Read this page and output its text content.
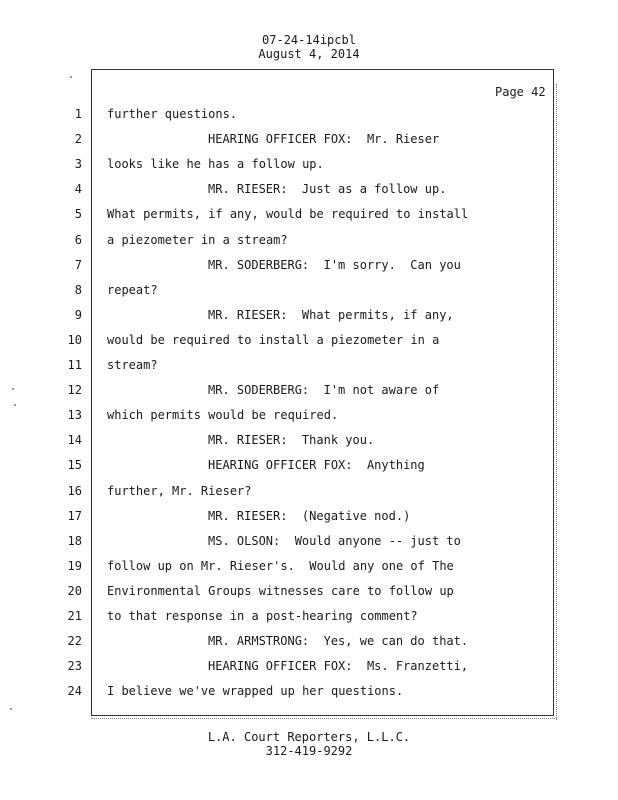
07-24-14ipcbl
August 4, 2014
Page 42
1 further questions.
2	HEARING OFFICER FOX:  Mr. Rieser
3 looks like he has a follow up.
4	MR. RIESER:  Just as a follow up.
5 What permits, if any, would be required to install
6 a piezometer in a stream?
7	MR. SODERBERG:  I'm sorry.  Can you
8 repeat?
9	MR. RIESER:  What permits, if any,
10 would be required to install a piezometer in a
11 stream?
12	MR. SODERBERG:  I'm not aware of
13 which permits would be required.
14	MR. RIESER:  Thank you.
15	HEARING OFFICER FOX:  Anything
16 further, Mr. Rieser?
17	MR. RIESER:  (Negative nod.)
18	MS. OLSON:  Would anyone -- just to
19 follow up on Mr. Rieser's.  Would any one of The
20 Environmental Groups witnesses care to follow up
21 to that response in a post-hearing comment?
22	MR. ARMSTRONG:  Yes, we can do that.
23	HEARING OFFICER FOX:  Ms. Franzetti,
24 I believe we've wrapped up her questions.
L.A. Court Reporters, L.L.C.
312-419-9292
